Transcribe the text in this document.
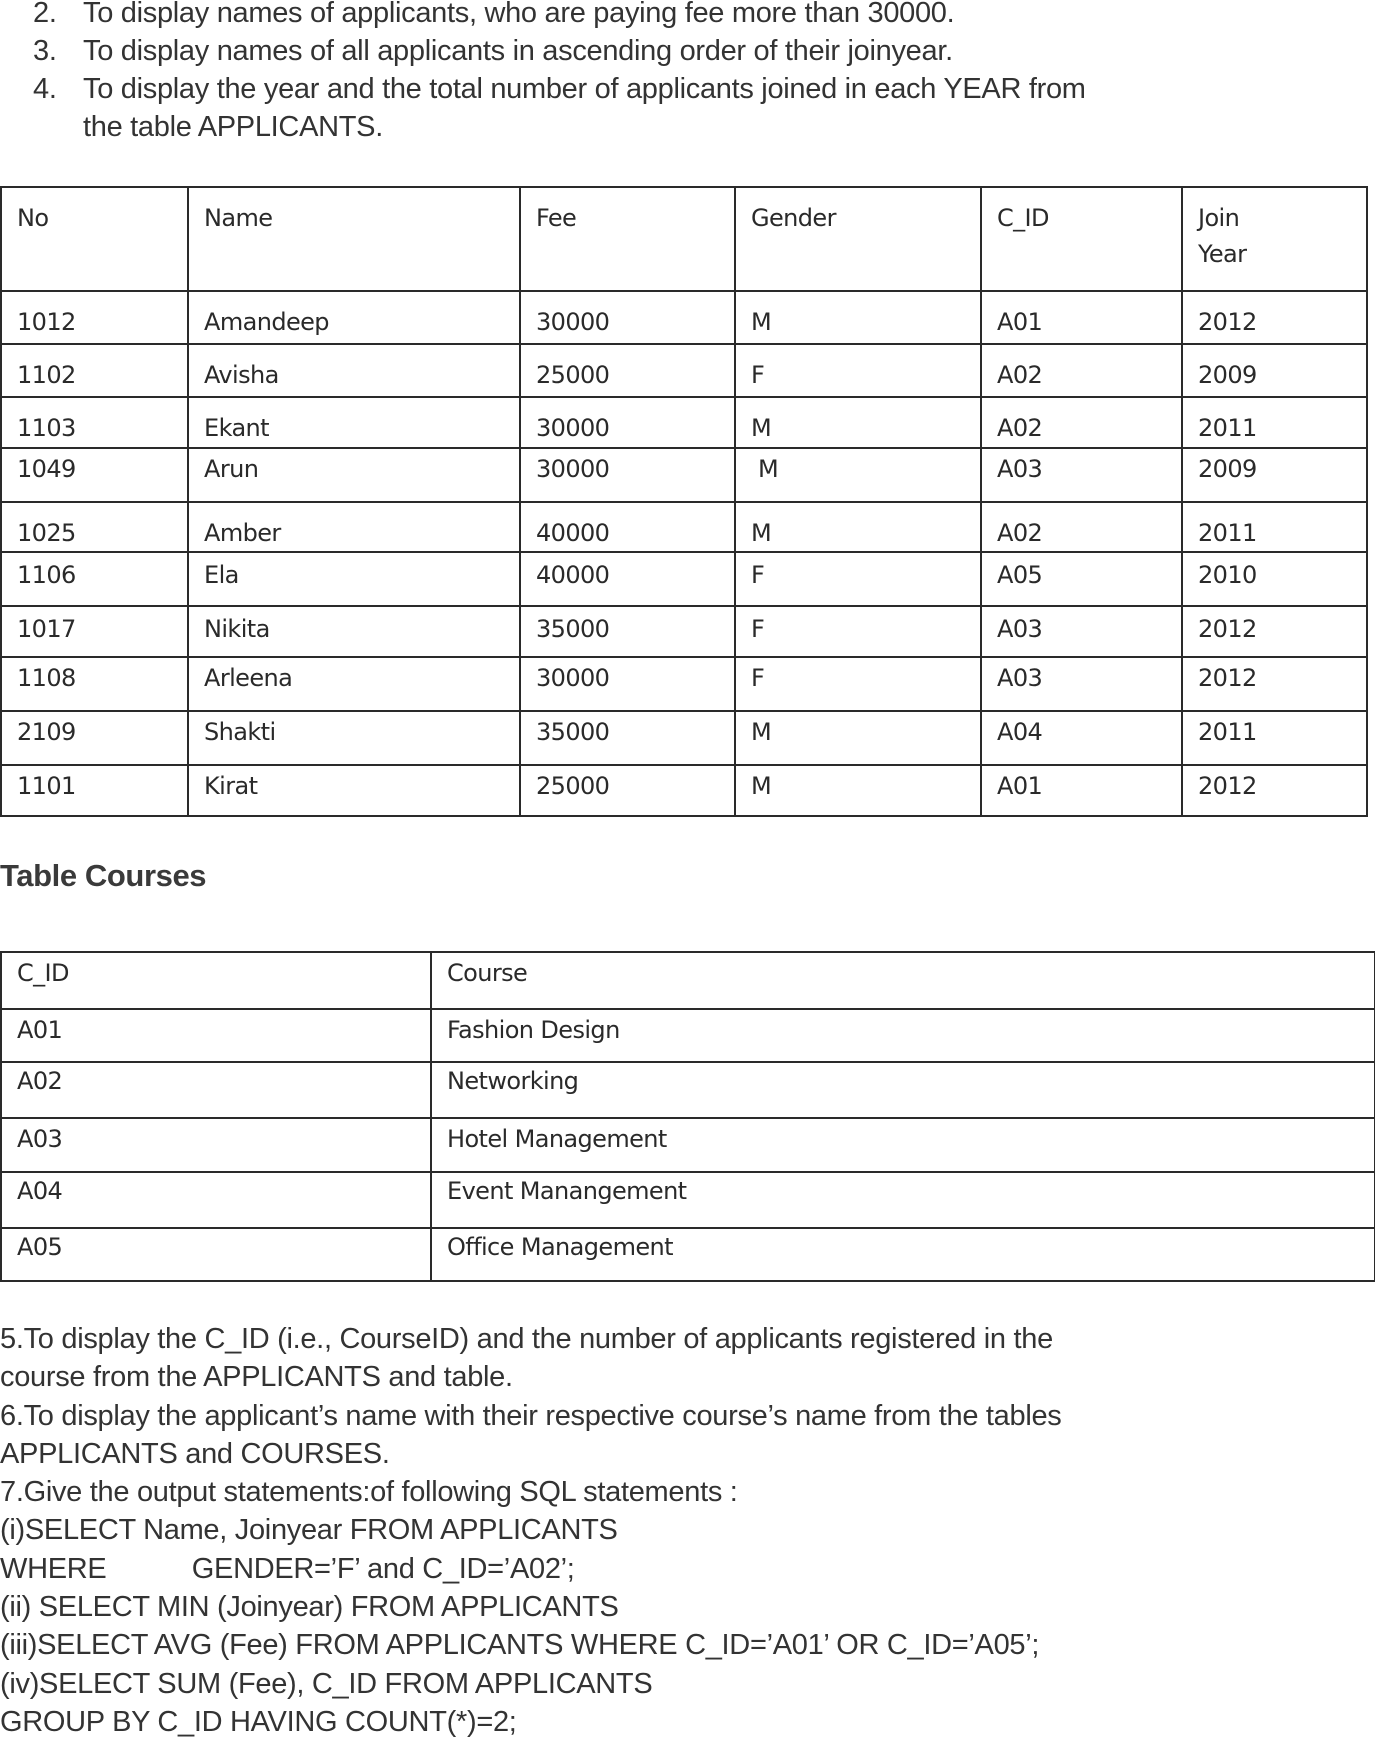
2. To display names of applicants, who are paying fee more than 30000.
3. To display names of all applicants in ascending order of their joinyear.
4. To display the year and the total number of applicants joined in each YEAR from
the table APPLICANTS.
No	Name	Fee	Gender	C_ID	Join
Year

1012	Amandeep	30000	M	A01	2012
1102	Avisha	25000	F	A02	2009
1103	Ekant	30000	M	A02	2011
1049	Arun	30000	M	A03	2009
1025	Amber	40000	M	A02	2011
1106	Ela	40000	F	A05	2010
1017	Nikita	35000	F	A03	2012
1108	Arleena	30000	F	A03	2012
2109	Shakti	35000	M	A04	2011
1101	Kirat	25000	M	A01	2012
Table Courses
C_ID	Course
A01	Fashion Design
A02	Networking
A03	Hotel Management
A04	Event Manangement
A05	Office Management
5.To display the C_ID (i.e., CourseID) and the number of applicants registered in the
course from the APPLICANTS and table.
6.To display the applicant’s name with their respective course’s name from the tables
APPLICANTS and COURSES.
7.Give the output statements:of following SQL statements :
(i)SELECT Name, Joinyear FROM APPLICANTS
WHERE           GENDER=’F’ and C_ID=’A02’;
(ii) SELECT MIN (Joinyear) FROM APPLICANTS
(iii)SELECT AVG (Fee) FROM APPLICANTS WHERE C_ID=’A01’ OR C_ID=’A05’;
(iv)SELECT SUM (Fee), C_ID FROM APPLICANTS
GROUP BY C_ID HAVING COUNT(*)=2;
